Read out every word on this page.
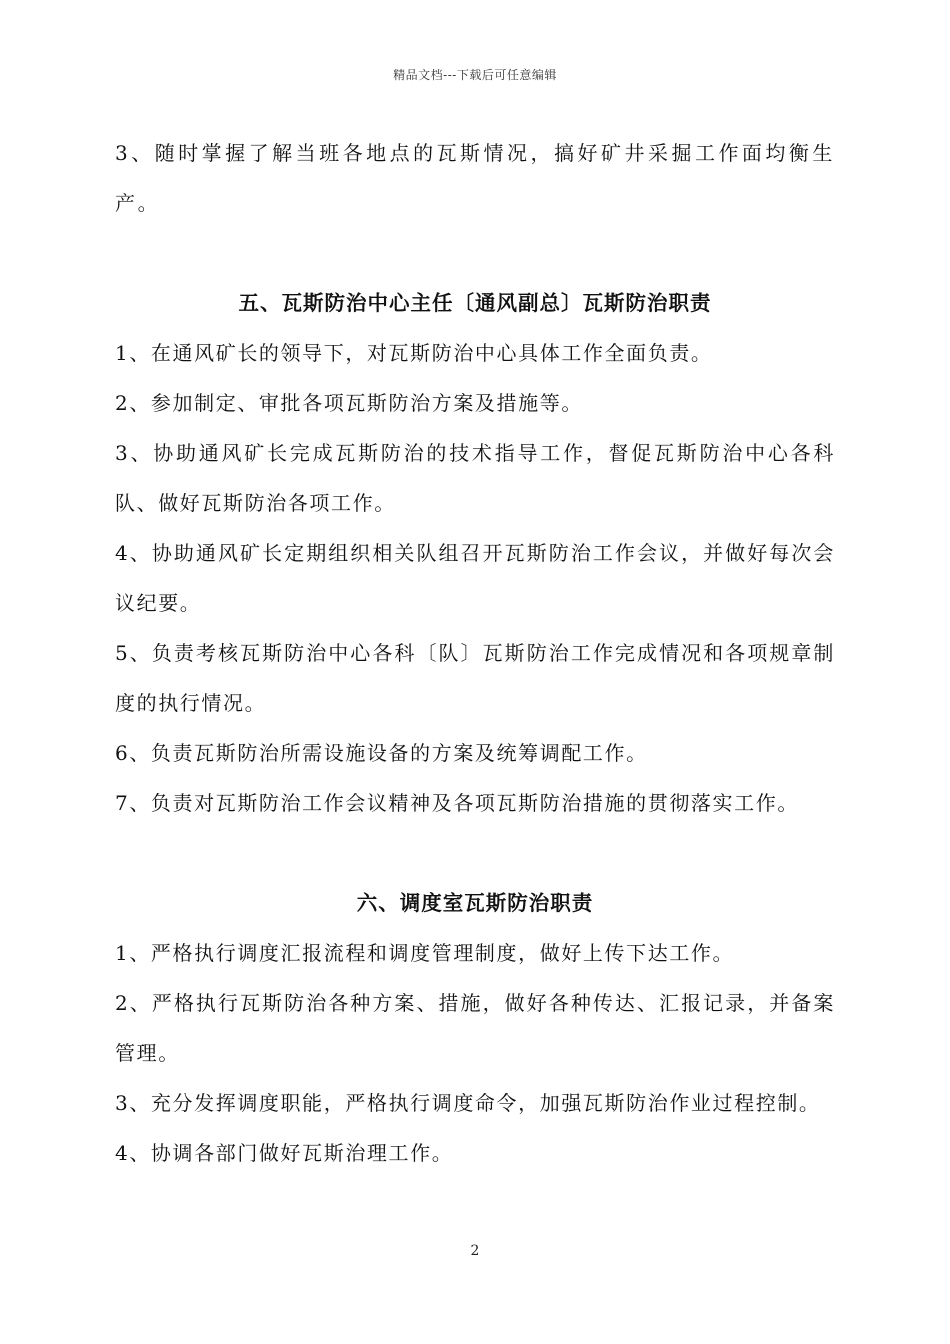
精品文档---下载后可任意编辑

3、随时掌握了解当班各地点的瓦斯情况，搞好矿井采掘工作面均衡生产。

五、瓦斯防治中心主任〔通风副总〕瓦斯防治职责

1、在通风矿长的领导下，对瓦斯防治中心具体工作全面负责。

2、参加制定、审批各项瓦斯防治方案及措施等。

3、协助通风矿长完成瓦斯防治的技术指导工作，督促瓦斯防治中心各科队、做好瓦斯防治各项工作。

4、协助通风矿长定期组织相关队组召开瓦斯防治工作会议，并做好每次会议纪要。

5、负责考核瓦斯防治中心各科〔队〕瓦斯防治工作完成情况和各项规章制度的执行情况。

6、负责瓦斯防治所需设施设备的方案及统筹调配工作。

7、负责对瓦斯防治工作会议精神及各项瓦斯防治措施的贯彻落实工作。

六、调度室瓦斯防治职责

1、严格执行调度汇报流程和调度管理制度，做好上传下达工作。

2、严格执行瓦斯防治各种方案、措施，做好各种传达、汇报记录，并备案管理。

3、充分发挥调度职能，严格执行调度命令，加强瓦斯防治作业过程控制。

4、协调各部门做好瓦斯治理工作。

2
